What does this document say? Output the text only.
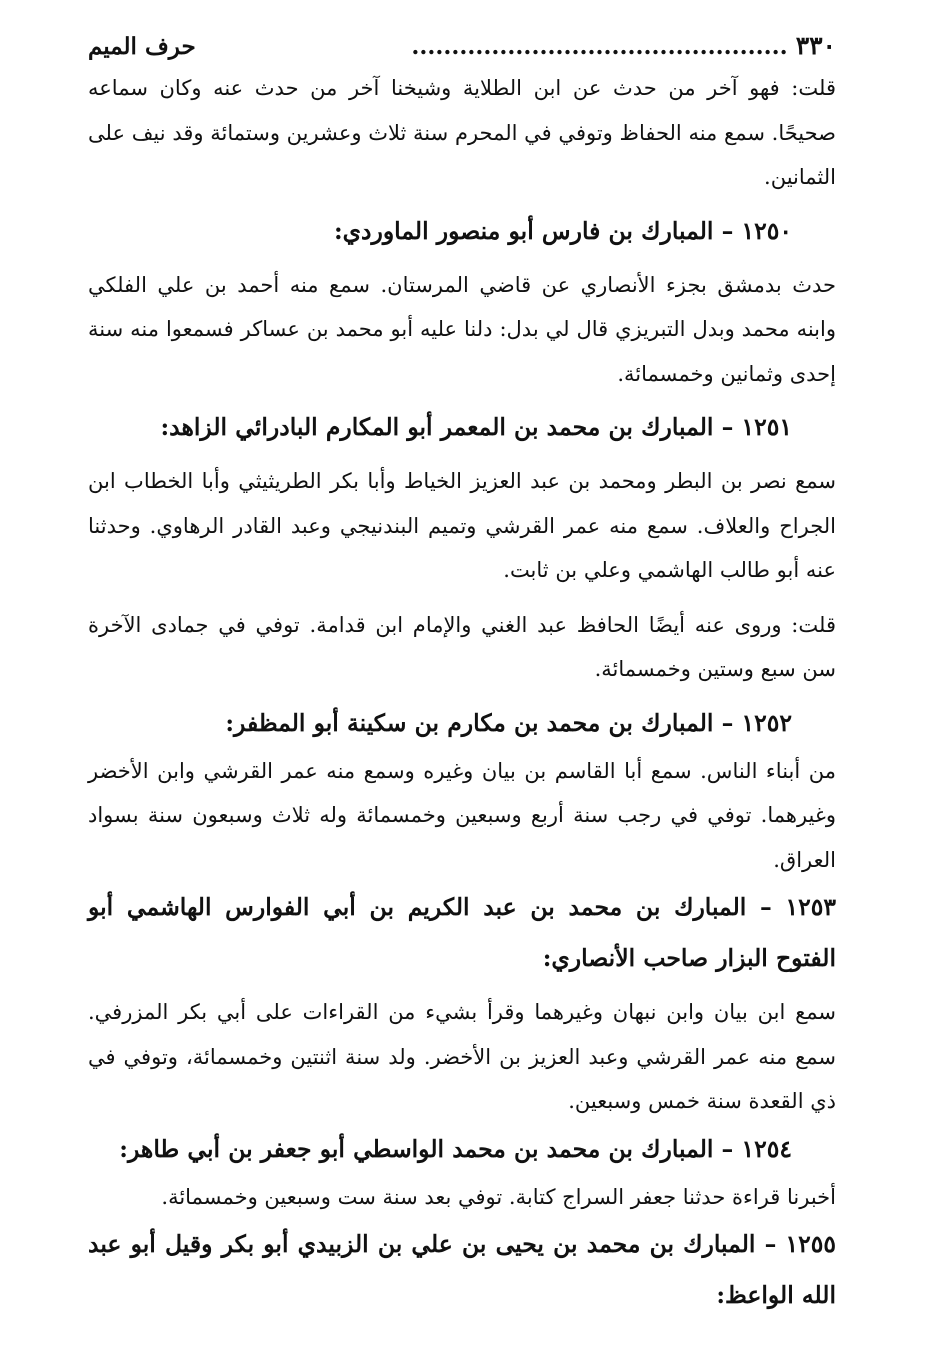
٣٣٠ ...............................................
حرف الميم

قلت: فهو آخر من حدث عن ابن الطلاية وشيخنا آخر من حدث عنه وكان سماعه صحيحًا. سمع منه الحفاظ وتوفي في المحرم سنة ثلاث وعشرين وستمائة وقد نيف على الثمانين.

١٢٥٠ – المبارك بن فارس أبو منصور الماوردي:

حدث بدمشق بجزء الأنصاري عن قاضي المرستان. سمع منه أحمد بن علي الفلكي وابنه محمد وبدل التبريزي قال لي بدل: دلنا عليه أبو محمد بن عساكر فسمعوا منه سنة إحدى وثمانين وخمسمائة.

١٢٥١ – المبارك بن محمد بن المعمر أبو المكارم البادرائي الزاهد:

سمع نصر بن البطر ومحمد بن عبد العزيز الخياط وأبا بكر الطريثيثي وأبا الخطاب ابن الجراح والعلاف. سمع منه عمر القرشي وتميم البندنيجي وعبد القادر الرهاوي. وحدثنا عنه أبو طالب الهاشمي وعلي بن ثابت.

قلت: وروى عنه أيضًا الحافظ عبد الغني والإمام ابن قدامة. توفي في جمادى الآخرة سن سبع وستين وخمسمائة.

١٢٥٢ – المبارك بن محمد بن مكارم بن سكينة أبو المظفر:

من أبناء الناس. سمع أبا القاسم بن بيان وغيره وسمع منه عمر القرشي وابن الأخضر وغيرهما. توفي في رجب سنة أربع وسبعين وخمسمائة وله ثلاث وسبعون سنة بسواد العراق.

١٢٥٣ – المبارك بن محمد بن عبد الكريم بن أبي الفوارس الهاشمي أبو الفتوح البزار صاحب الأنصاري:

سمع ابن بيان وابن نبهان وغيرهما وقرأ بشيء من القراءات على أبي بكر المزرفي. سمع منه عمر القرشي وعبد العزيز بن الأخضر. ولد سنة اثنتين وخمسمائة، وتوفي في ذي القعدة سنة خمس وسبعين.

١٢٥٤ – المبارك بن محمد بن محمد الواسطي أبو جعفر بن أبي طاهر:

أخبرنا قراءة حدثنا جعفر السراج كتابة. توفي بعد سنة ست وسبعين وخمسمائة.

١٢٥٥ – المبارك بن محمد بن يحيى بن علي بن الزبيدي أبو بكر وقيل أبو عبد الله الواعظ:
